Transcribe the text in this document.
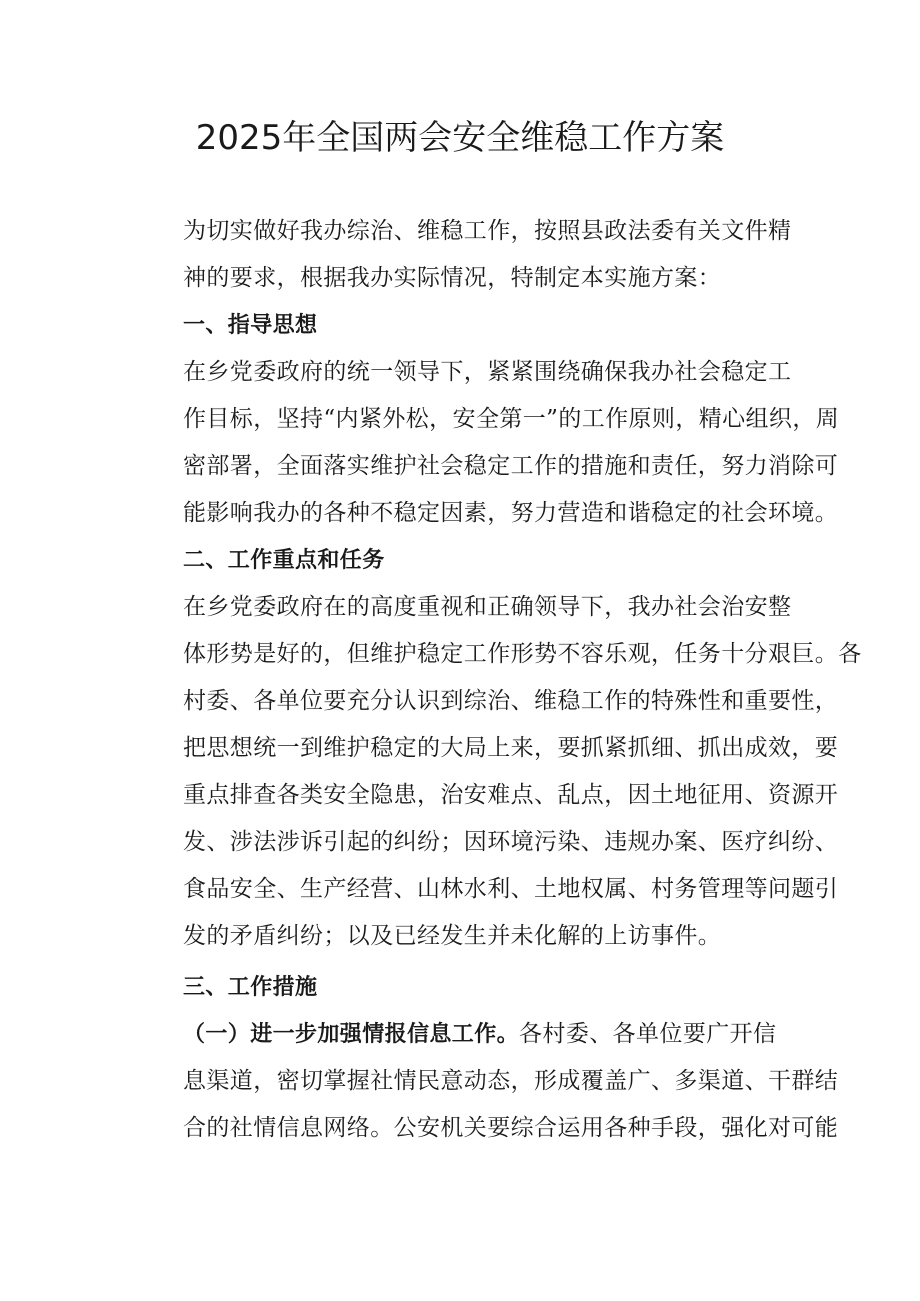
2025年全国两会安全维稳工作方案

为切实做好我办综治、维稳工作，按照县政法委有关文件精
神的要求，根据我办实际情况，特制定本实施方案：

一、指导思想

在乡党委政府的统一领导下，紧紧围绕确保我办社会稳定工
作目标，坚持“内紧外松，安全第一”的工作原则，精心组织，周
密部署，全面落实维护社会稳定工作的措施和责任，努力消除可
能影响我办的各种不稳定因素，努力营造和谐稳定的社会环境。

二、工作重点和任务

在乡党委政府在的高度重视和正确领导下，我办社会治安整
体形势是好的，但维护稳定工作形势不容乐观，任务十分艰巨。各
村委、各单位要充分认识到综治、维稳工作的特殊性和重要性，
把思想统一到维护稳定的大局上来，要抓紧抓细、抓出成效，要
重点排查各类安全隐患，治安难点、乱点，因土地征用、资源开
发、涉法涉诉引起的纠纷；因环境污染、违规办案、医疗纠纷、
食品安全、生产经营、山林水利、土地权属、村务管理等问题引
发的矛盾纠纷；以及已经发生并未化解的上访事件。

三、工作措施

（一）进一步加强情报信息工作。各村委、各单位要广开信
息渠道，密切掌握社情民意动态，形成覆盖广、多渠道、干群结
合的社情信息网络。公安机关要综合运用各种手段，强化对可能
